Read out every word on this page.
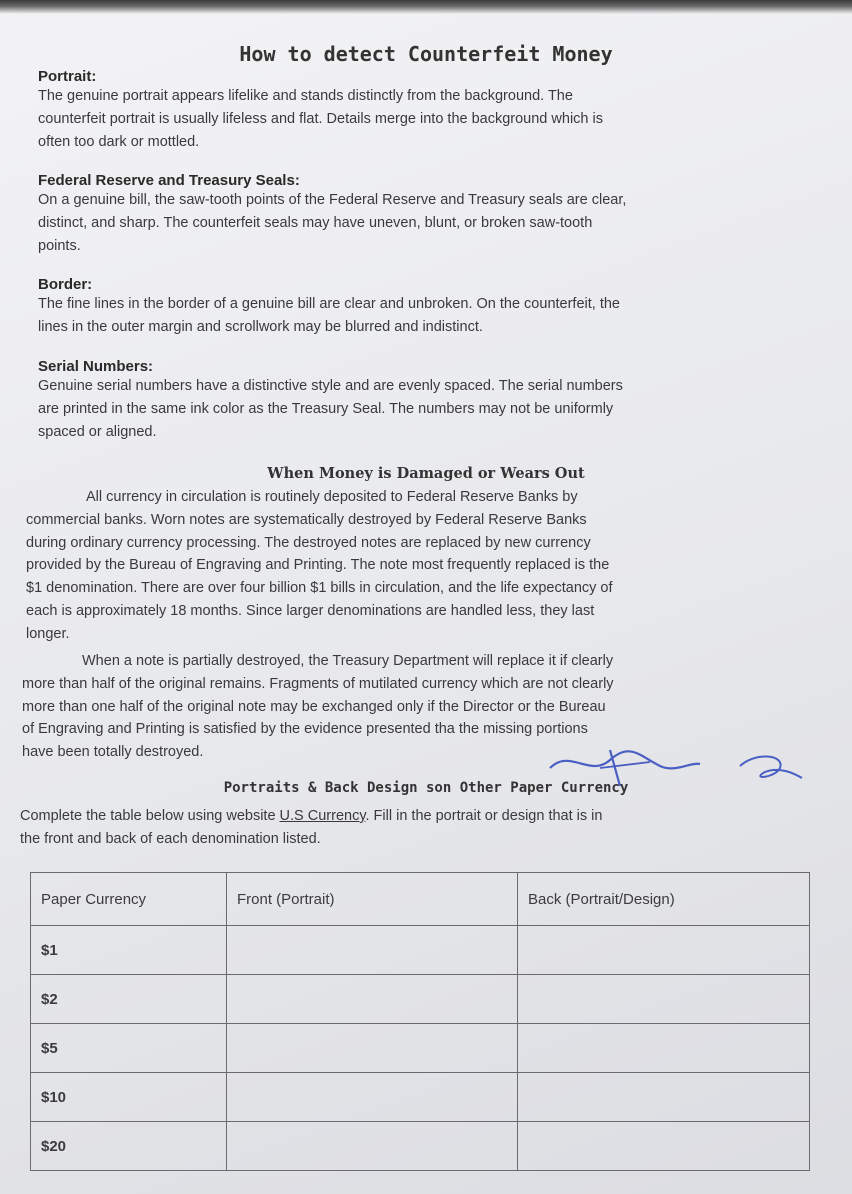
How to detect Counterfeit Money
Portrait:
The genuine portrait appears lifelike and stands distinctly from the background. The
counterfeit portrait is usually lifeless and flat. Details merge into the background which is
often too dark or mottled.
Federal Reserve and Treasury Seals:
On a genuine bill, the saw-tooth points of the Federal Reserve and Treasury seals are clear,
distinct, and sharp. The counterfeit seals may have uneven, blunt, or broken saw-tooth
points.
Border:
The fine lines in the border of a genuine bill are clear and unbroken. On the counterfeit, the
lines in the outer margin and scrollwork may be blurred and indistinct.
Serial Numbers:
Genuine serial numbers have a distinctive style and are evenly spaced. The serial numbers
are printed in the same ink color as the Treasury Seal. The numbers may not be uniformly
spaced or aligned.
When Money is Damaged or Wears Out
All currency in circulation is routinely deposited to Federal Reserve Banks by
commercial banks. Worn notes are systematically destroyed by Federal Reserve Banks
during ordinary currency processing. The destroyed notes are replaced by new currency
provided by the Bureau of Engraving and Printing. The note most frequently replaced is the
$1 denomination. There are over four billion $1 bills in circulation, and the life expectancy of
each is approximately 18 months. Since larger denominations are handled less, they last
longer.
When a note is partially destroyed, the Treasury Department will replace it if clearly
more than half of the original remains. Fragments of mutilated currency which are not clearly
more than one half of the original note may be exchanged only if the Director or the Bureau
of Engraving and Printing is satisfied by the evidence presented tha the missing portions
have been totally destroyed.
Portraits & Back Design son Other Paper Currency
Complete the table below using website U.S Currency. Fill in the portrait or design that is in
the front and back of each denomination listed.
Paper Currency	Front (Portrait)	Back (Portrait/Design)
$1		
$2		
$5		
$10		
$20		
